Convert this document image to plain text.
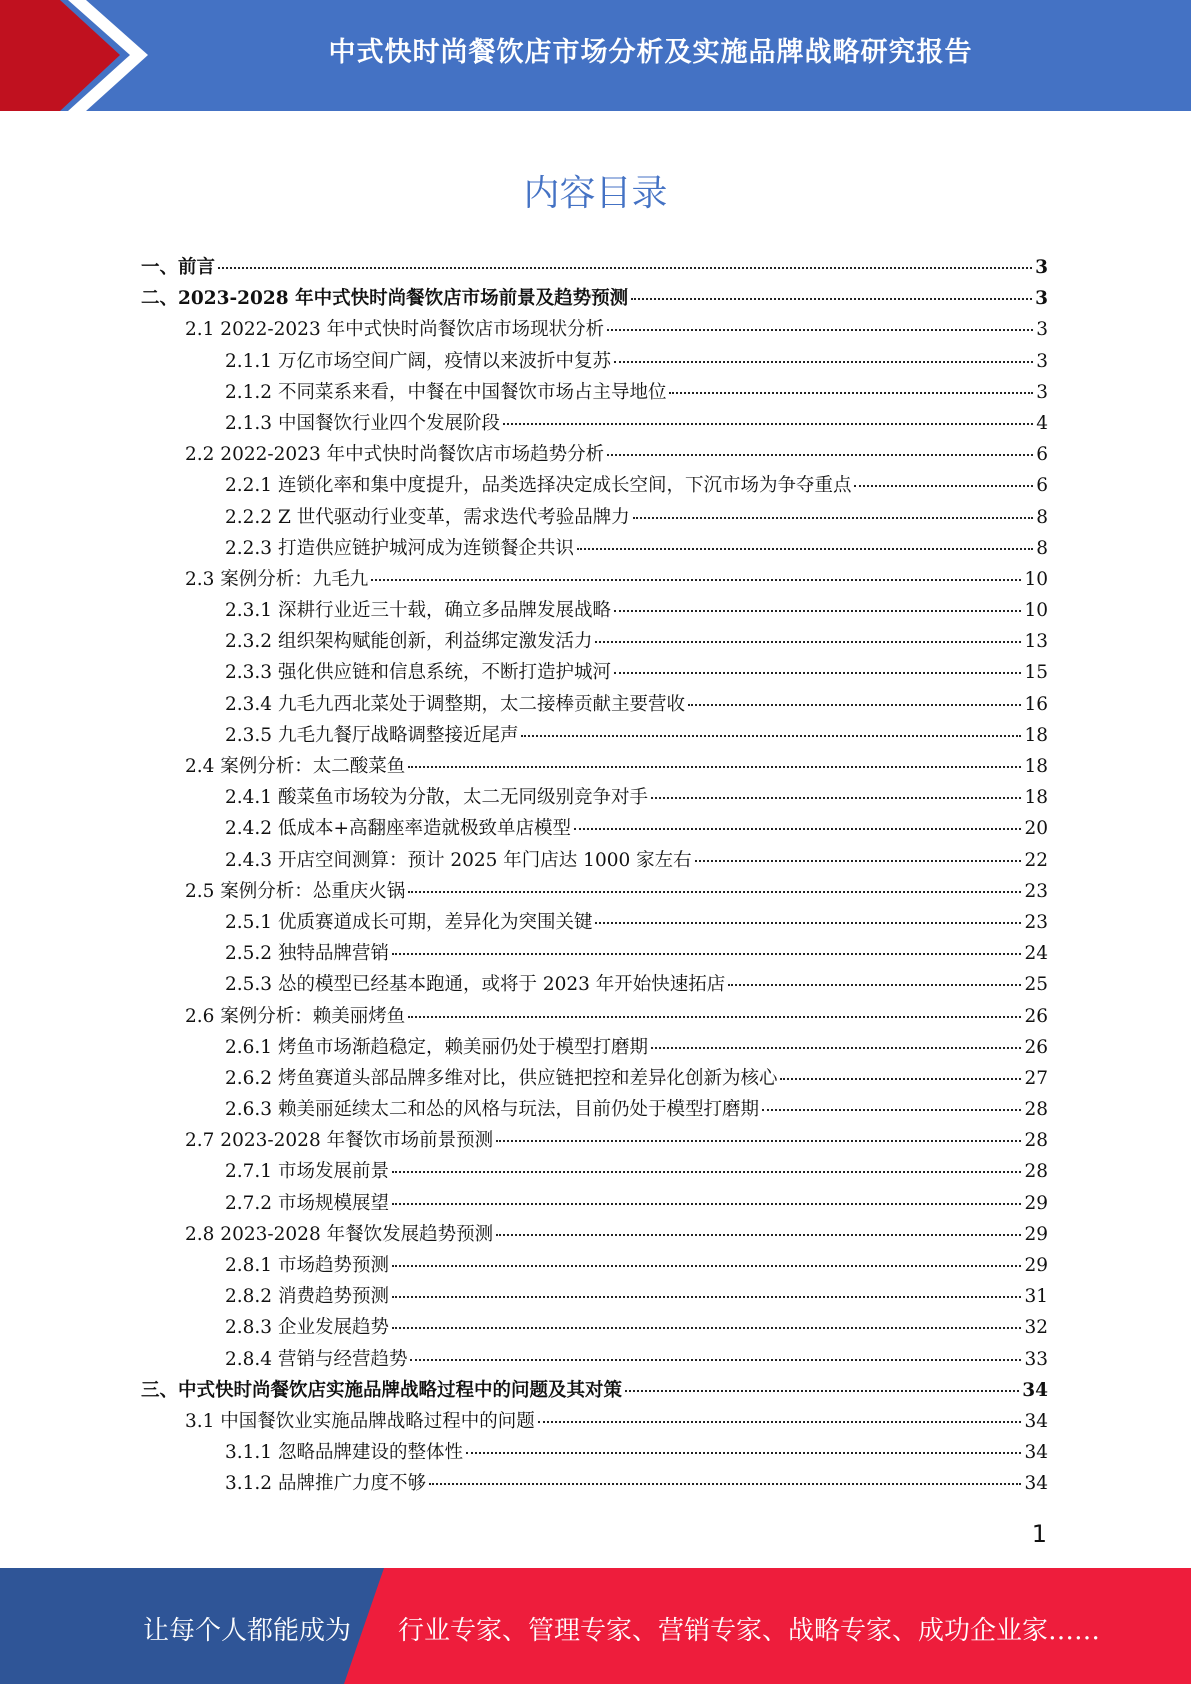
中式快时尚餐饮店市场分析及实施品牌战略研究报告
内容目录
一、前言	3
二、2023-2028 年中式快时尚餐饮店市场前景及趋势预测	3
2.1 2022-2023 年中式快时尚餐饮店市场现状分析	3
2.1.1 万亿市场空间广阔，疫情以来波折中复苏	3
2.1.2 不同菜系来看，中餐在中国餐饮市场占主导地位	3
2.1.3 中国餐饮行业四个发展阶段	4
2.2 2022-2023 年中式快时尚餐饮店市场趋势分析	6
2.2.1 连锁化率和集中度提升，品类选择决定成长空间，下沉市场为争夺重点	6
2.2.2 Z 世代驱动行业变革，需求迭代考验品牌力	8
2.2.3 打造供应链护城河成为连锁餐企共识	8
2.3 案例分析：九毛九	10
2.3.1 深耕行业近三十载，确立多品牌发展战略	10
2.3.2 组织架构赋能创新，利益绑定激发活力	13
2.3.3 强化供应链和信息系统，不断打造护城河	15
2.3.4 九毛九西北菜处于调整期，太二接棒贡献主要营收	16
2.3.5 九毛九餐厅战略调整接近尾声	18
2.4 案例分析：太二酸菜鱼	18
2.4.1 酸菜鱼市场较为分散，太二无同级别竞争对手	18
2.4.2 低成本+高翻座率造就极致单店模型	20
2.4.3 开店空间测算：预计 2025 年门店达 1000 家左右	22
2.5 案例分析：怂重庆火锅	23
2.5.1 优质赛道成长可期，差异化为突围关键	23
2.5.2 独特品牌营销	24
2.5.3 怂的模型已经基本跑通，或将于 2023 年开始快速拓店	25
2.6 案例分析：赖美丽烤鱼	26
2.6.1 烤鱼市场渐趋稳定，赖美丽仍处于模型打磨期	26
2.6.2 烤鱼赛道头部品牌多维对比，供应链把控和差异化创新为核心	27
2.6.3 赖美丽延续太二和怂的风格与玩法，目前仍处于模型打磨期	28
2.7 2023-2028 年餐饮市场前景预测	28
2.7.1 市场发展前景	28
2.7.2 市场规模展望	29
2.8 2023-2028 年餐饮发展趋势预测	29
2.8.1 市场趋势预测	29
2.8.2 消费趋势预测	31
2.8.3 企业发展趋势	32
2.8.4 营销与经营趋势	33
三、中式快时尚餐饮店实施品牌战略过程中的问题及其对策	34
3.1 中国餐饮业实施品牌战略过程中的问题	34
3.1.1 忽略品牌建设的整体性	34
3.1.2 品牌推广力度不够	34
1
让每个人都能成为 行业专家、管理专家、营销专家、战略专家、成功企业家……
